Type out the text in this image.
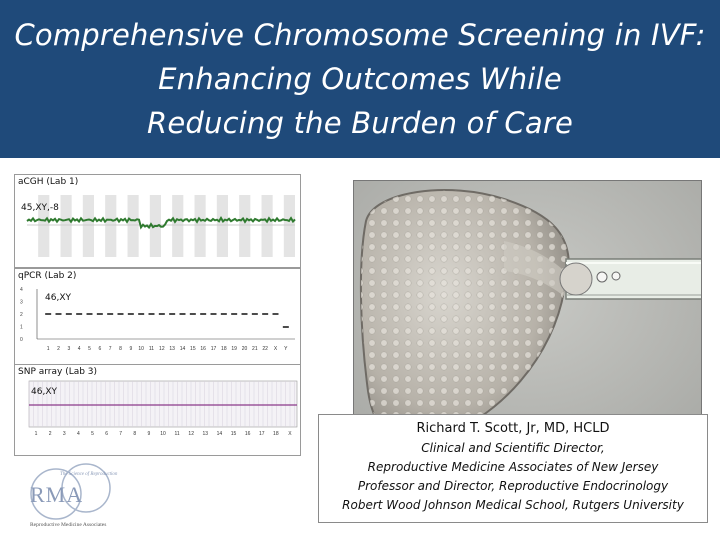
Comprehensive Chromosome Screening in IVF:
Enhancing Outcomes While
Reducing the Burden of Care
aCGH (Lab 1)
45,XY,-8
4
3
2
1
0
1 2 3 4 5 6 7 8 9 10 11 12 13 14 15 16 17 18 19 20 21 22 X Y
qPCR (Lab 2)
46,XY
1 2 3 4 5 6 7 8 9 10 11 12 13 14 15 16 17 18 X
SNP array (Lab 3)
46,XY
Richard T. Scott, Jr, MD, HCLD
Clinical and Scientific Director,
Reproductive Medicine Associates of New Jersey
Professor and Director, Reproductive Endocrinology
Robert Wood Johnson Medical School, Rutgers University
The Science of Reproduction
RMA
Reproductive Medicine Associates
